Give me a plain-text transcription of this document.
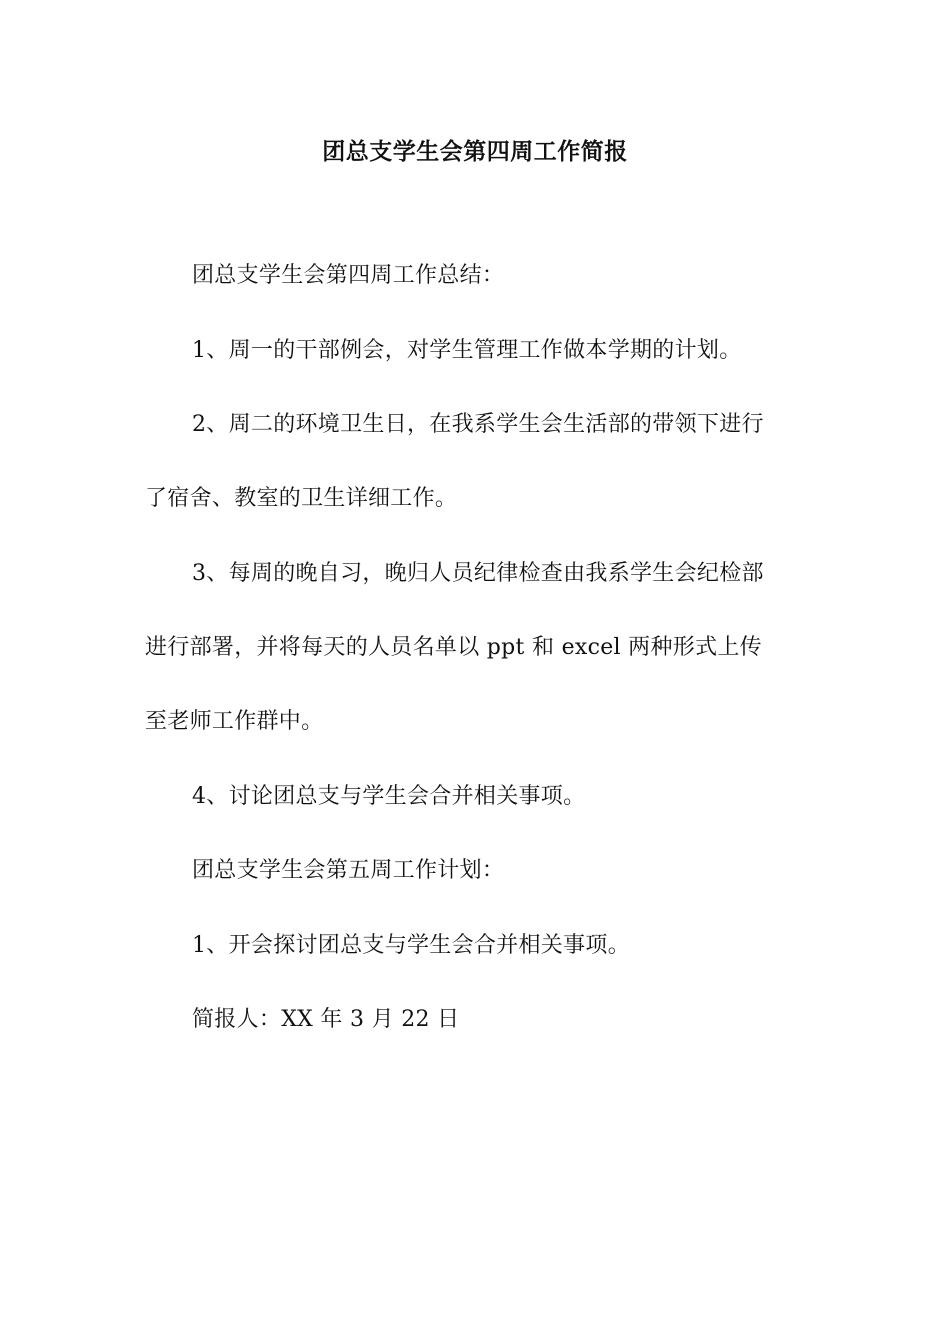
团总支学生会第四周工作简报
团总支学生会第四周工作总结：
1、周一的干部例会，对学生管理工作做本学期的计划。
2、周二的环境卫生日，在我系学生会生活部的带领下进行
了宿舍、教室的卫生详细工作。
3、每周的晚自习，晚归人员纪律检查由我系学生会纪检部
进行部署，并将每天的人员名单以 ppt 和 excel 两种形式上传
至老师工作群中。
4、讨论团总支与学生会合并相关事项。
团总支学生会第五周工作计划：
1、开会探讨团总支与学生会合并相关事项。
简报人：XX 年 3 月 22 日
